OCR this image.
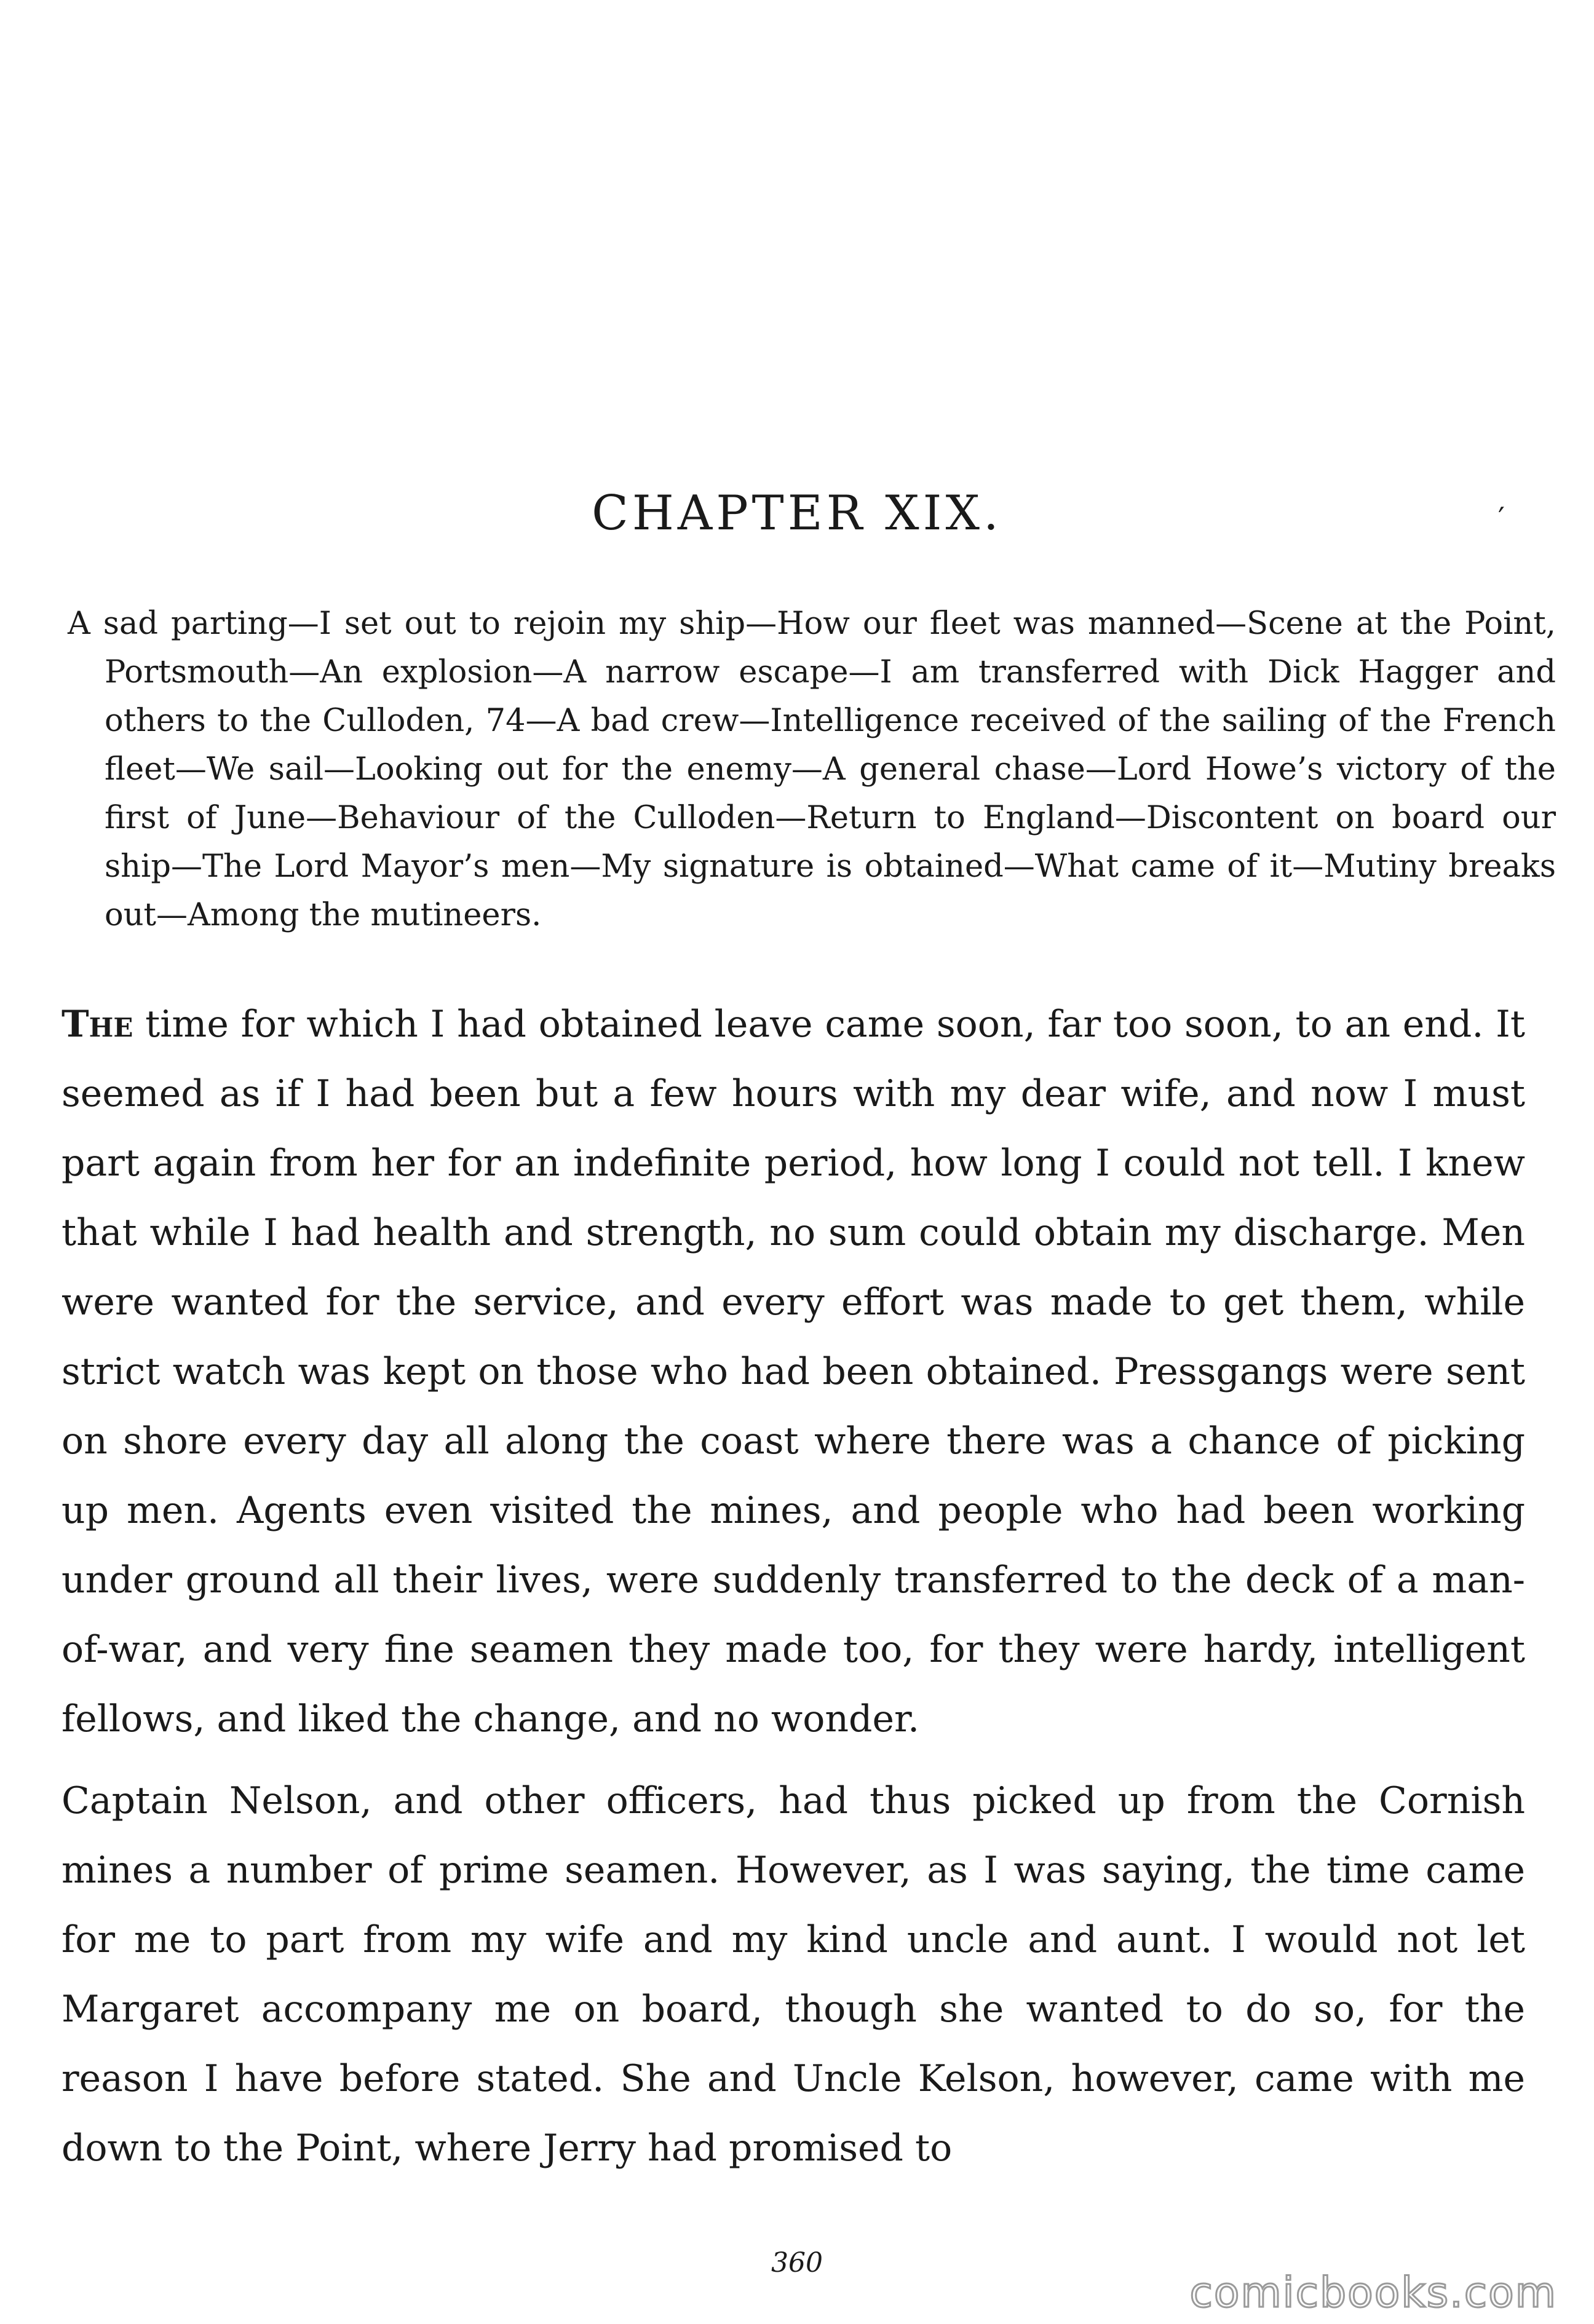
CHAPTER XIX.	′
A sad parting—I set out to rejoin my ship—How our fleet was manned—Scene at the Point, Portsmouth—An explosion—A narrow escape—I am transferred with Dick Hagger and others to the Culloden, 74—A bad crew—Intelligence received of the sailing of the French fleet—We sail—Looking out for the enemy—A general chase—Lord Howe’s victory of the first of June—Behaviour of the Culloden—Return to England—Discontent on board our ship—The Lord Mayor’s men—My signature is obtained—What came of it—Mutiny breaks out—Among the mutineers.

The time for which I had obtained leave came soon, far too soon, to an end. It seemed as if I had been but a few hours with my dear wife, and now I must part again from her for an indefinite period, how long I could not tell. I knew that while I had health and strength, no sum could obtain my discharge. Men were wanted for the service, and every effort was made to get them, while strict watch was kept on those who had been obtained. Pressgangs were sent on shore every day all along the coast where there was a chance of picking up men. Agents even visited the mines, and people who had been working under ground all their lives, were suddenly transferred to the deck of a man-of-war, and very fine seamen they made too, for they were hardy, intelligent fellows, and liked the change, and no wonder.

Captain Nelson, and other officers, had thus picked up from the Cornish mines a number of prime seamen. However, as I was saying, the time came for me to part from my wife and my kind uncle and aunt. I would not let Margaret accompany me on board, though she wanted to do so, for the reason I have before stated. She and Uncle Kelson, however, came with me down to the Point, where Jerry had promised to

360
comicbooks.com
